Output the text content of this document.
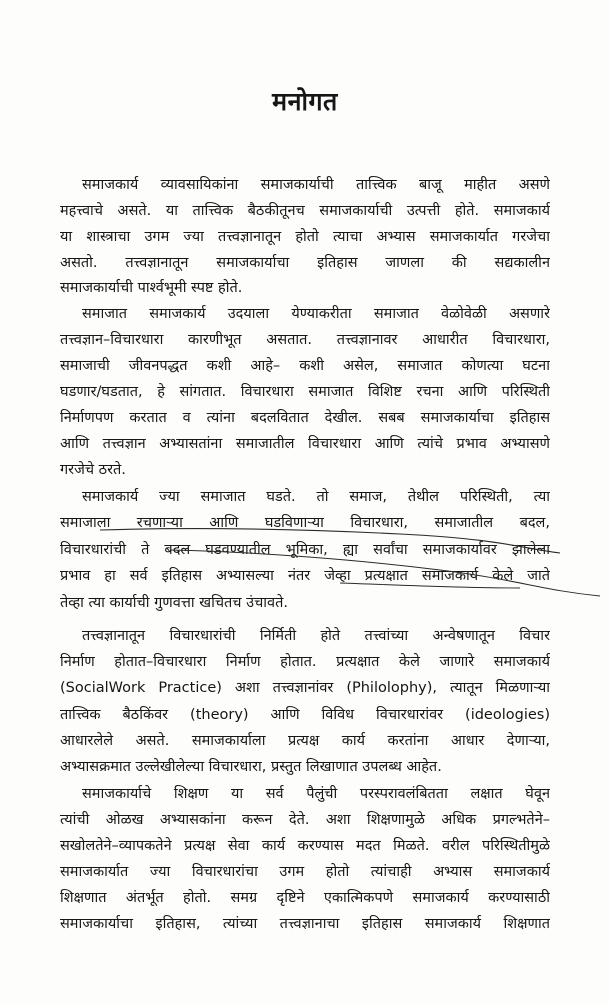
मनोगत
समाजकार्य व्यावसायिकांना समाजकार्याची तात्त्विक बाजू माहीत असणे
महत्त्वाचे असते. या तात्त्विक बैठकीतूनच समाजकार्याची उत्पत्ती होते. समाजकार्य
या शास्त्राचा उगम ज्या तत्त्वज्ञानातून होतो त्याचा अभ्यास समाजकार्यात गरजेचा
असतो. तत्त्वज्ञानातून समाजकार्याचा इतिहास जाणला की सद्यकालीन
समाजकार्याची पार्श्वभूमी स्पष्ट होते.
समाजात समाजकार्य उदयाला येण्याकरीता समाजात वेळोवेळी असणारे
तत्त्वज्ञान–विचारधारा कारणीभूत असतात. तत्त्वज्ञानावर आधारीत विचारधारा,
समाजाची जीवनपद्धत कशी आहे– कशी असेल, समाजात कोणत्या घटना
घडणार/घडतात, हे सांगतात. विचारधारा समाजात विशिष्ट रचना आणि परिस्थिती
निर्माणपण करतात व त्यांना बदलवितात देखील. सबब समाजकार्याचा इतिहास
आणि तत्त्वज्ञान अभ्यासतांना समाजातील विचारधारा आणि त्यांचे प्रभाव अभ्यासणे
गरजेचे ठरते.
समाजकार्य ज्या समाजात घडते. तो समाज, तेथील परिस्थिती, त्या
समाजाला रचणाऱ्या आणि घडविणाऱ्या विचारधारा, समाजातील बदल,
विचारधारांची ते बदल घडवण्यातील भूमिका, ह्या सर्वांचा समाजकार्यावर झालेला
प्रभाव हा सर्व इतिहास अभ्यासल्या नंतर जेव्हा प्रत्यक्षात समाजकार्य केले जाते
तेव्हा त्या कार्याची गुणवत्ता खचितच उंचावते.
तत्त्वज्ञानातून विचारधारांची निर्मिती होते तत्त्वांच्या अन्वेषणातून विचार
निर्माण होतात–विचारधारा निर्माण होतात. प्रत्यक्षात केले जाणारे समाजकार्य
(SocialWork Practice) अशा तत्त्वज्ञानांवर (Philolophy), त्यातून मिळणाऱ्या
तात्त्विक बैठकिंवर (theory) आणि विविध विचारधारांवर (ideologies)
आधारलेले असते. समाजकार्याला प्रत्यक्ष कार्य करतांना आधार देणाऱ्या,
अभ्यासक्रमात उल्लेखीलेल्या विचारधारा, प्रस्तुत लिखाणात उपलब्ध आहेत.
समाजकार्याचे शिक्षण या सर्व पैलुंची परस्परावलंबितता लक्षात घेवून
त्यांची ओळख अभ्यासकांना करून देते. अशा शिक्षणामुळे अधिक प्रगल्भतेने–
सखोलतेने–व्यापकतेने प्रत्यक्ष सेवा कार्य करण्यास मदत मिळते. वरील परिस्थितीमुळे
समाजकार्यात ज्या विचारधारांचा उगम होतो त्यांचाही अभ्यास समाजकार्य
शिक्षणात अंतर्भूत होतो. समग्र दृष्टिने एकात्मिकपणे समाजकार्य करण्यासाठी
समाजकार्याचा इतिहास, त्यांच्या तत्त्वज्ञानाचा इतिहास समाजकार्य शिक्षणात
